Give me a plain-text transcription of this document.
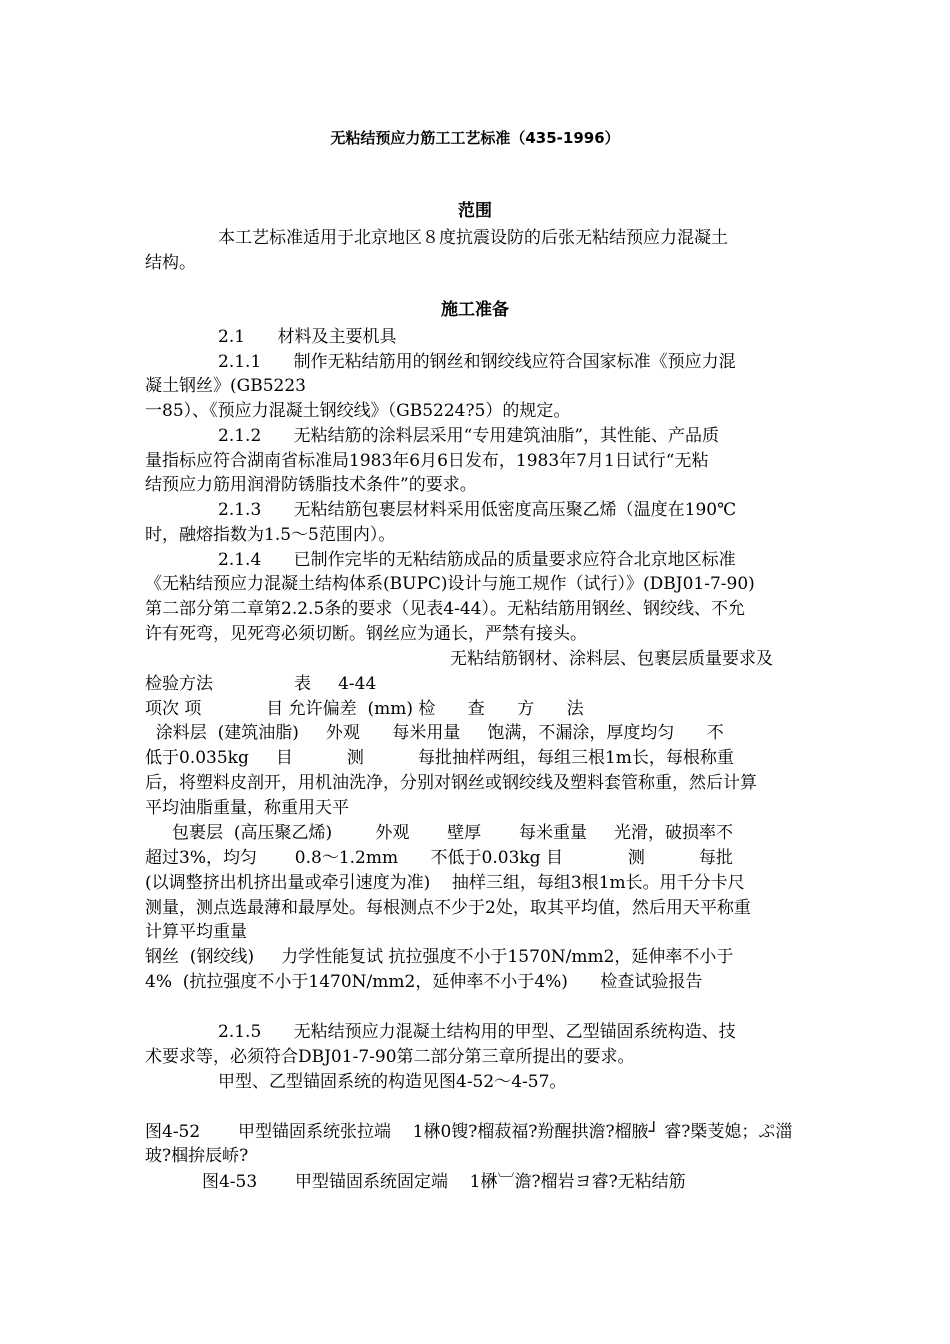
无粘结预应力筋工工艺标准（435-1996）
范围
本工艺标准适用于北京地区８度抗震设防的后张无粘结预应力混凝土
结构。
施工准备
2.1      材料及主要机具
2.1.1      制作无粘结筋用的钢丝和钢绞线应符合国家标准《预应力混
凝土钢丝》(GB5223
一85）、《预应力混凝土钢绞线》（GB5224?5）的规定。
2.1.2      无粘结筋的涂料层采用“专用建筑油脂”，其性能、产品质
量指标应符合湖南省标准局1983年6月6日发布，1983年7月1日试行“无粘
结预应力筋用润滑防锈脂技术条件”的要求。
2.1.3      无粘结筋包裹层材料采用低密度高压聚乙烯（温度在190℃
时，融熔指数为1.5～5范围内）。
2.1.4      已制作完毕的无粘结筋成品的质量要求应符合北京地区标准
《无粘结预应力混凝土结构体系(BUPC)设计与施工规作（试行）》(DBJ01-7-90)
第二部分第二章第2.2.5条的要求（见表4-44）。无粘结筋用钢丝、钢绞线、不允
许有死弯，见死弯必须切断。钢丝应为通长，严禁有接头。
无粘结筋钢材、涂料层、包裹层质量要求及
检验方法               表     4-44
项次 项            目 允许偏差  (mm) 检      查      方      法
涂料层  (建筑油脂)     外观      每米用量     饱满，不漏涂，厚度均匀      不
低于0.035kg     目          测          每批抽样两组，每组三根1m长，每根称重
后，将塑料皮剖开，用机油洗净，分别对钢丝或钢绞线及塑料套管称重，然后计算
平均油脂重量，称重用天平
包裹层  (高压聚乙烯)        外观       壁厚       每米重量     光滑，破损率不
超过3%，均匀       0.8～1.2mm      不低于0.03kg 目            测          每批
(以调整挤出机挤出量或牵引速度为准)    抽样三组，每组3根1m长。用千分卡尺
测量，测点选最薄和最厚处。每根测点不少于2处，取其平均值，然后用天平称重
计算平均重量
钢丝  (钢绞线)     力学性能复试 抗拉强度不小于1570N/mm2，延伸率不小于
4%  (抗拉强度不小于1470N/mm2，延伸率不小于4%)      检查试验报告
2.1.5      无粘结预应力混凝土结构用的甲型、乙型锚固系统构造、技
术要求等，必须符合DBJ01-7-90第二部分第三章所提出的要求。
甲型、乙型锚固系统的构造见图4-52～4-57。
图4-52       甲型锚固系统张拉端    1楙0锼?榴菽福?羒醒拱澹?榴腋┘ 睿?槩芰媳；ぷ湽玻?椢拚辰峤?
图4-53       甲型锚固系统固定端    1楙︺澹?榴岩ヨ睿?无粘结筋
